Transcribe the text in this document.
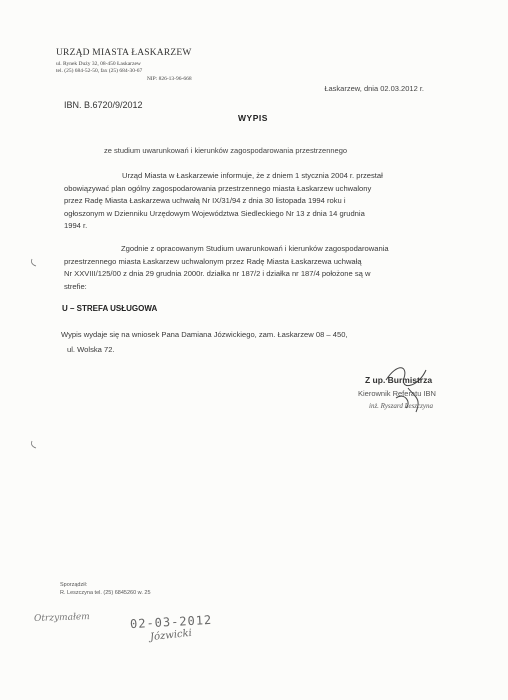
URZĄD MIASTA ŁASKARZEW
ul. Rynek Duży 32, 08-450 Łaskarzew
tel. (25) 684-52-50, fax (25) 684-30-67
NIP: 826-13-96-668
Łaskarzew, dnia 02.03.2012 r.
IBN. B.6720/9/2012
WYPIS
ze studium uwarunkowań i kierunków zagospodarowania przestrzennego
Urząd Miasta w Łaskarzewie informuje, że z dniem 1 stycznia 2004 r. przestał
obowiązywać plan ogólny zagospodarowania przestrzennego miasta Łaskarzew uchwalony
przez Radę Miasta Łaskarzewa uchwałą Nr IX/31/94 z dnia 30 listopada 1994 roku i
ogłoszonym w Dzienniku Urzędowym Województwa Siedleckiego Nr 13 z dnia 14 grudnia
1994 r.
Zgodnie z opracowanym Studium uwarunkowań i kierunków zagospodarowania
przestrzennego miasta Łaskarzew uchwalonym przez Radę Miasta Łaskarzewa uchwałą
Nr XXVIII/125/00 z dnia 29 grudnia 2000r. działka nr 187/2 i działka nr 187/4 położone są w
strefie:
U – STREFA USŁUGOWA
Wypis wydaje się na wniosek Pana Damiana Józwickiego, zam. Łaskarzew 08 – 450,
ul. Wolska 72.
Z up. Burmistrza
Kierownik Referatu IBN
inż. Ryszard Leszczyna
Sporządził:
R. Leszczyna tel. (25) 6845260 w. 25
Otrzymałem	02-03-2012
Józwicki
